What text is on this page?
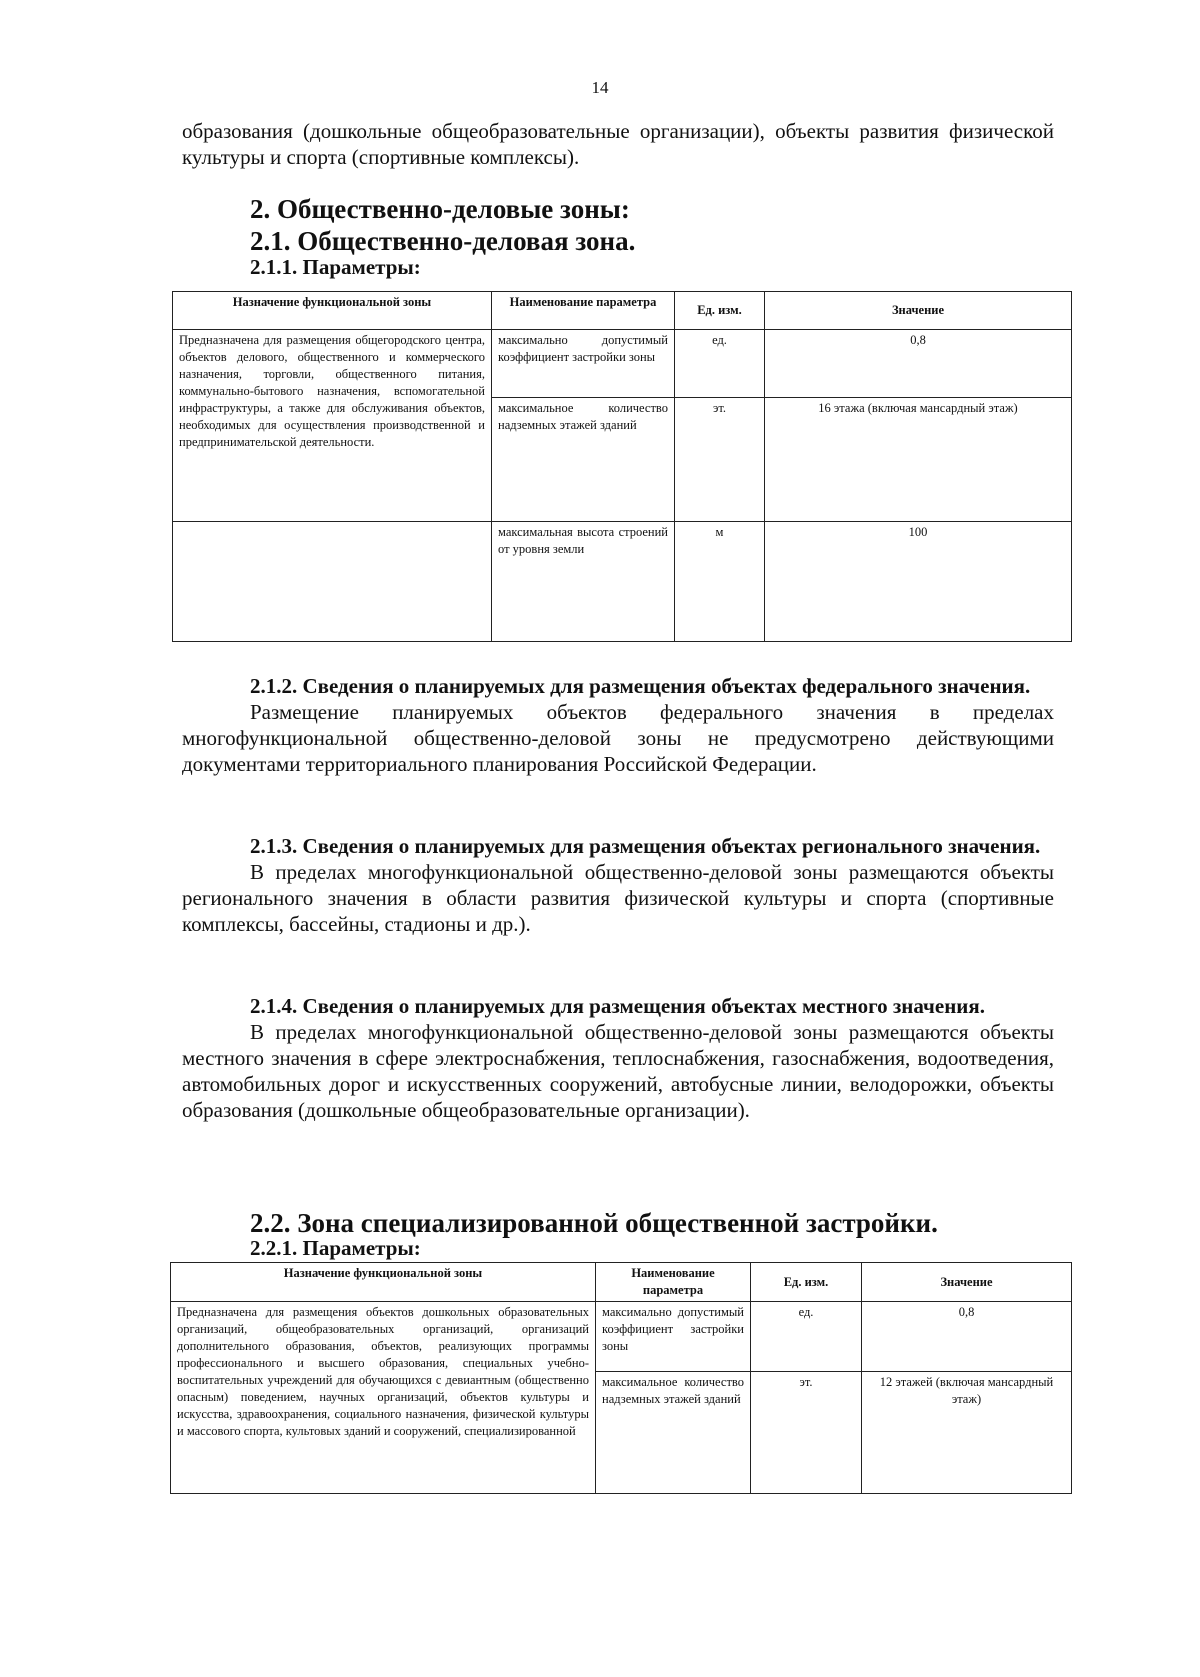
14

образования (дошкольные общеобразовательные организации), объекты развития физической культуры и спорта (спортивные комплексы).

2. Общественно-деловые зоны:
2.1. Общественно-деловая зона.
2.1.1. Параметры:
Назначение функциональной зоны	Наименование параметра	Ед. изм.	Значение
Предназначена для размещения общегородского центра, объектов делового, общественного и коммерческого назначения, торговли, общественного питания, коммунально-бытового назначения, вспомогательной инфраструктуры, а также для обслуживания объектов, необходимых для осуществления производственной и предпринимательской деятельности.	максимально допустимый коэффициент застройки зоны	ед.	0,8
	максимальное количество надземных этажей зданий	эт.	16 этажа (включая мансардный этаж)
	максимальная высота строений от уровня земли	м	100

2.1.2. Сведения о планируемых для размещения объектах федерального значения.

Размещение планируемых объектов федерального значения в пределах многофункциональной общественно-деловой зоны не предусмотрено действующими документами территориального планирования Российской Федерации.

2.1.3. Сведения о планируемых для размещения объектах регионального значения.

В пределах многофункциональной общественно-деловой зоны размещаются объекты регионального значения в области развития физической культуры и спорта (спортивные комплексы, бассейны, стадионы и др.).

2.1.4. Сведения о планируемых для размещения объектах местного значения.

В пределах многофункциональной общественно-деловой зоны размещаются объекты местного значения в сфере электроснабжения, теплоснабжения, газоснабжения, водоотведения, автомобильных дорог и искусственных сооружений, автобусные линии, велодорожки, объекты образования (дошкольные общеобразовательные организации).

2.2. Зона специализированной общественной застройки.
2.2.1. Параметры:
Назначение функциональной зоны	Наименование параметра	Ед. изм.	Значение
Предназначена для размещения объектов дошкольных образовательных организаций, общеобразовательных организаций, организаций дополнительного образования, объектов, реализующих программы профессионального и высшего образования, специальных учебно-воспитательных учреждений для обучающихся с девиантным (общественно опасным) поведением, научных организаций, объектов культуры и искусства, здравоохранения, социального назначения, физической культуры и массового спорта, культовых зданий и сооружений, специализированной	максимально допустимый коэффициент застройки зоны	ед.	0,8
	максимальное количество надземных этажей зданий	эт.	12 этажей (включая мансардный этаж)
